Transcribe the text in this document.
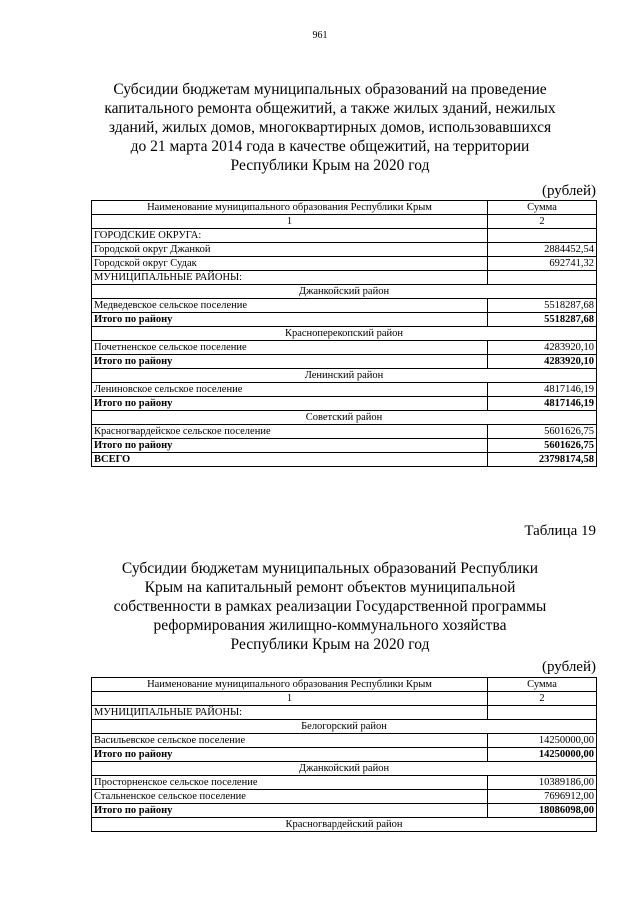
961
Субсидии бюджетам муниципальных образований на проведение
капитального ремонта общежитий, а также жилых зданий, нежилых
зданий, жилых домов, многоквартирных домов, использовавшихся
до 21 марта 2014 года в качестве общежитий, на территории
Республики Крым на 2020 год
(рублей)
Наименование муниципального образования Республики Крым	Сумма
1	2
ГОРОДСКИЕ ОКРУГА:	
Городской округ Джанкой	2884452,54
Городской округ Судак	692741,32
МУНИЦИПАЛЬНЫЕ РАЙОНЫ:	
Джанкойский район	
Медведевское сельское поселение	5518287,68
Итого по району	5518287,68
Красноперекопский район	
Почетненское сельское поселение	4283920,10
Итого по району	4283920,10
Ленинский район	
Лениновское сельское поселение	4817146,19
Итого по району	4817146,19
Советский район	
Красногвардейское сельское поселение	5601626,75
Итого по району	5601626,75
ВСЕГО	23798174,58
Таблица 19
Субсидии бюджетам муниципальных образований Республики
Крым на капитальный ремонт объектов муниципальной
собственности в рамках реализации Государственной программы
реформирования жилищно-коммунального хозяйства
Республики Крым на 2020 год
(рублей)
Наименование муниципального образования Республики Крым	Сумма
1	2
МУНИЦИПАЛЬНЫЕ РАЙОНЫ:	
Белогорский район	
Васильевское сельское поселение	14250000,00
Итого по району	14250000,00
Джанкойский район	
Просторненское сельское поселение	10389186,00
Стальненское сельское поселение	7696912,00
Итого по району	18086098,00
Красногвардейский район	
